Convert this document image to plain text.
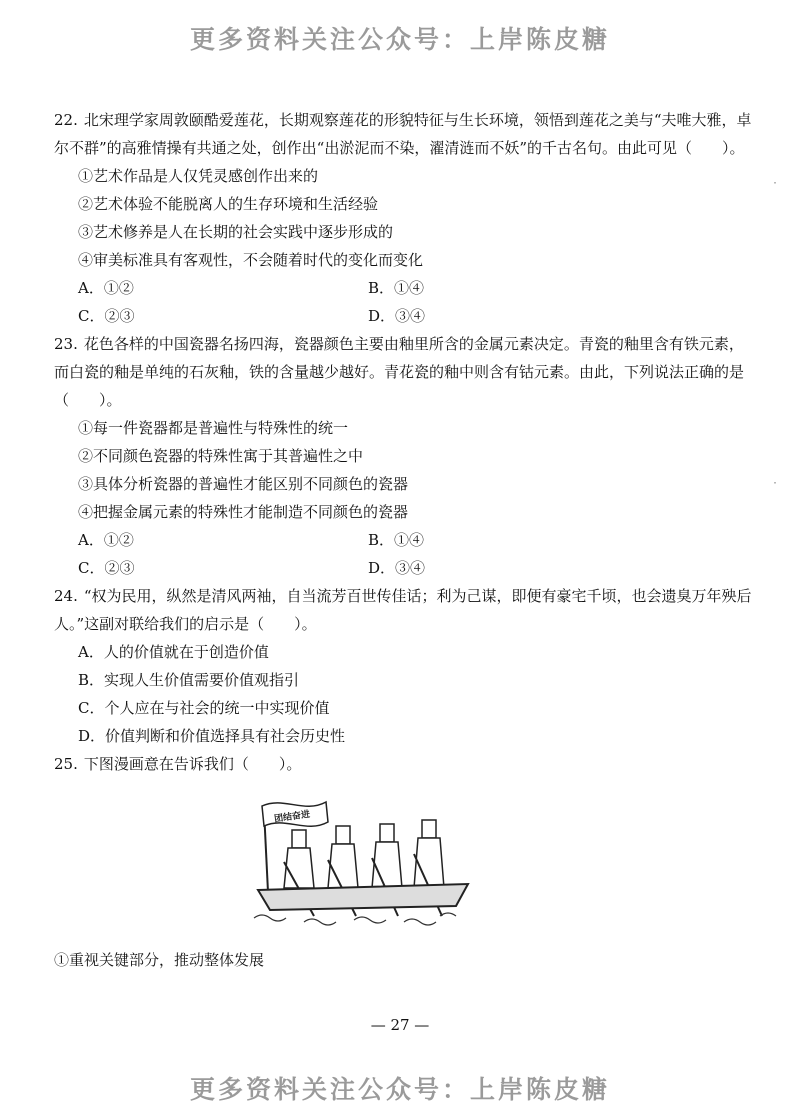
更多资料关注公众号：上岸陈皮糖
·
·
22. 北宋理学家周敦颐酷爱莲花，长期观察莲花的形貌特征与生长环境，领悟到莲花之美与“夫唯大雅，卓尔不群”的高雅情操有共通之处，创作出“出淤泥而不染，濯清涟而不妖”的千古名句。由此可见（　　）。
①艺术作品是人仅凭灵感创作出来的
②艺术体验不能脱离人的生存环境和生活经验
③艺术修养是人在长期的社会实践中逐步形成的
④审美标准具有客观性，不会随着时代的变化而变化
A．①②	B．①④
C．②③	D．③④
23. 花色各样的中国瓷器名扬四海，瓷器颜色主要由釉里所含的金属元素决定。青瓷的釉里含有铁元素，而白瓷的釉是单纯的石灰釉，铁的含量越少越好。青花瓷的釉中则含有钴元素。由此，下列说法正确的是（　　）。
①每一件瓷器都是普遍性与特殊性的统一
②不同颜色瓷器的特殊性寓于其普遍性之中
③具体分析瓷器的普遍性才能区别不同颜色的瓷器
④把握金属元素的特殊性才能制造不同颜色的瓷器
A．①②	B．①④
C．②③	D．③④
24. “权为民用，纵然是清风两袖，自当流芳百世传佳话；利为己谋，即便有豪宅千顷，也会遗臭万年殃后人。”这副对联给我们的启示是（　　）。
A．人的价值就在于创造价值
B．实现人生价值需要价值观指引
C．个人应在与社会的统一中实现价值
D．价值判断和价值选择具有社会历史性
25. 下图漫画意在告诉我们（　　）。
团结奋进
①重视关键部分，推动整体发展
— 27 —
更多资料关注公众号：上岸陈皮糖
